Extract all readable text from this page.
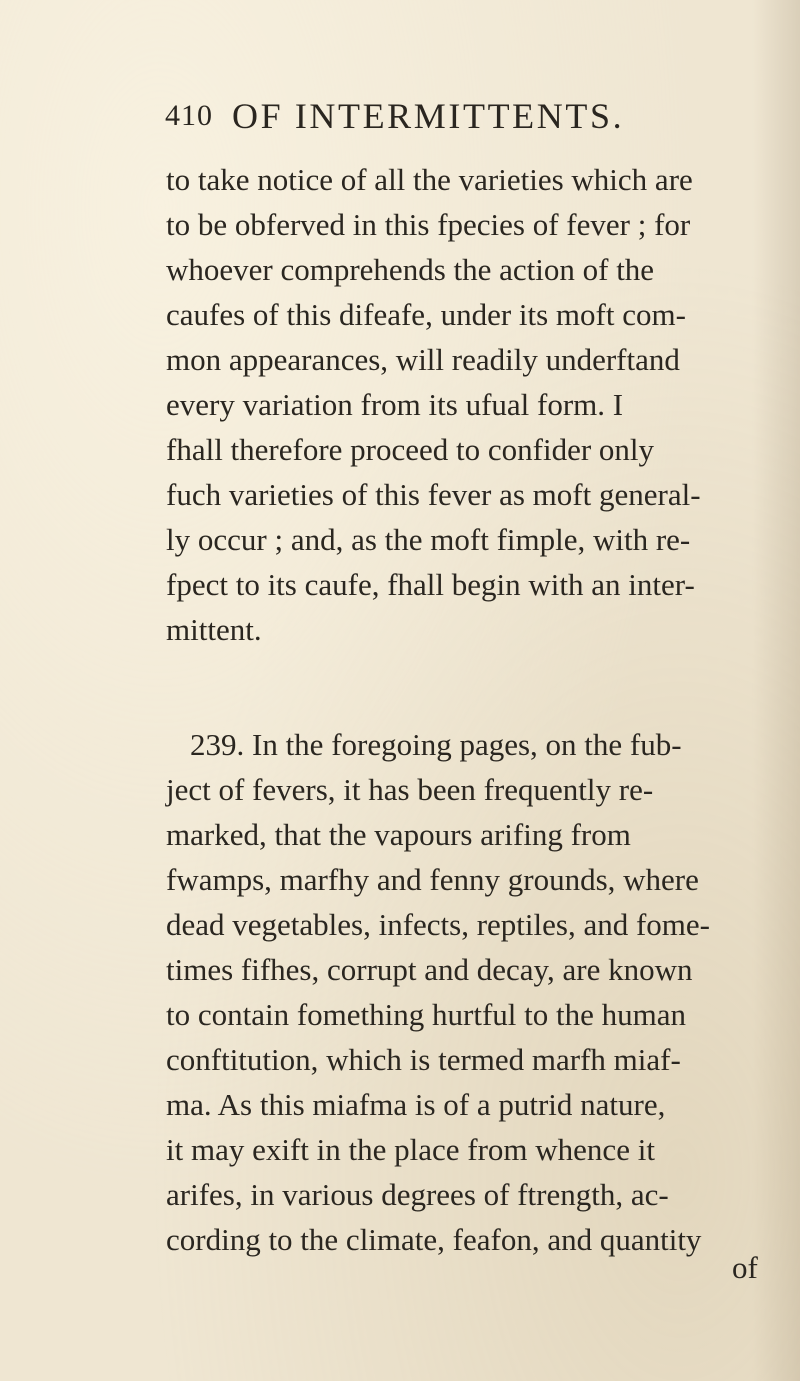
410 OF INTERMITTENTS.
to take notice of all the varieties which are
to be obferved in this fpecies of fever ; for
whoever comprehends the action of the
caufes of this difeafe, under its moft com-
mon appearances, will readily underftand
every variation from its ufual form. I
fhall therefore proceed to confider only
fuch varieties of this fever as moft general-
ly occur ; and, as the moft fimple, with re-
fpect to its caufe, fhall begin with an inter-
mittent.
239. In the foregoing pages, on the fub-
ject of fevers, it has been frequently re-
marked, that the vapours arifing from
fwamps, marfhy and fenny grounds, where
dead vegetables, infects, reptiles, and fome-
times fifhes, corrupt and decay, are known
to contain fomething hurtful to the human
conftitution, which is termed marfh miaf-
ma. As this miafma is of a putrid nature,
it may exift in the place from whence it
arifes, in various degrees of ftrength, ac-
cording to the climate, feafon, and quantity
of
